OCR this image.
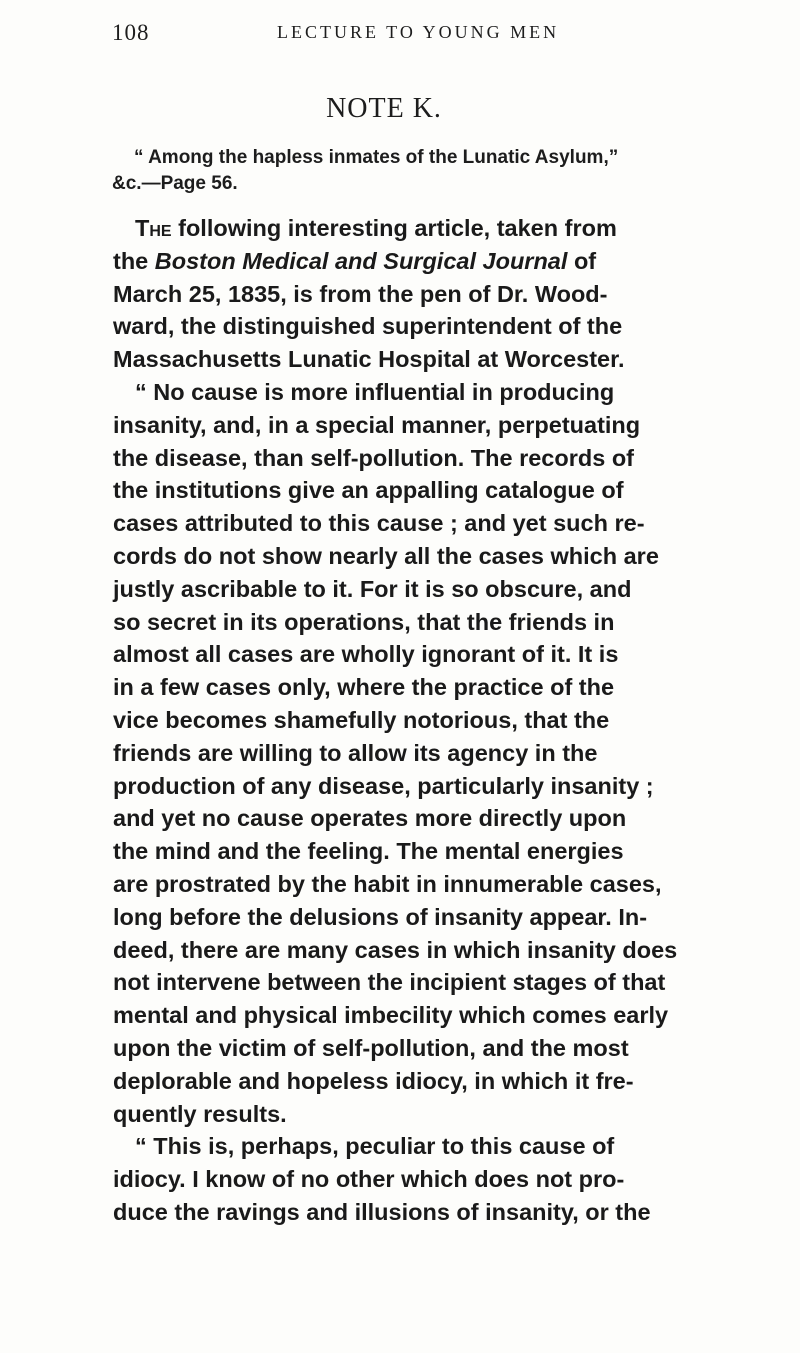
108	LECTURE TO YOUNG MEN
NOTE K.
“ Among the hapless inmates of the Lunatic Asylum,”
&c.—Page 56.
The following interesting article, taken from
the Boston Medical and Surgical Journal of
March 25, 1835, is from the pen of Dr. Wood-
ward, the distinguished superintendent of the
Massachusetts Lunatic Hospital at Worcester.
“ No cause is more influential in producing
insanity, and, in a special manner, perpetuating
the disease, than self-pollution. The records of
the institutions give an appalling catalogue of
cases attributed to this cause ; and yet such re-
cords do not show nearly all the cases which are
justly ascribable to it. For it is so obscure, and
so secret in its operations, that the friends in
almost all cases are wholly ignorant of it. It is
in a few cases only, where the practice of the
vice becomes shamefully notorious, that the
friends are willing to allow its agency in the
production of any disease, particularly insanity ;
and yet no cause operates more directly upon
the mind and the feeling. The mental energies
are prostrated by the habit in innumerable cases,
long before the delusions of insanity appear. In-
deed, there are many cases in which insanity does
not intervene between the incipient stages of that
mental and physical imbecility which comes early
upon the victim of self-pollution, and the most
deplorable and hopeless idiocy, in which it fre-
quently results.
“ This is, perhaps, peculiar to this cause of
idiocy. I know of no other which does not pro-
duce the ravings and illusions of insanity, or the
